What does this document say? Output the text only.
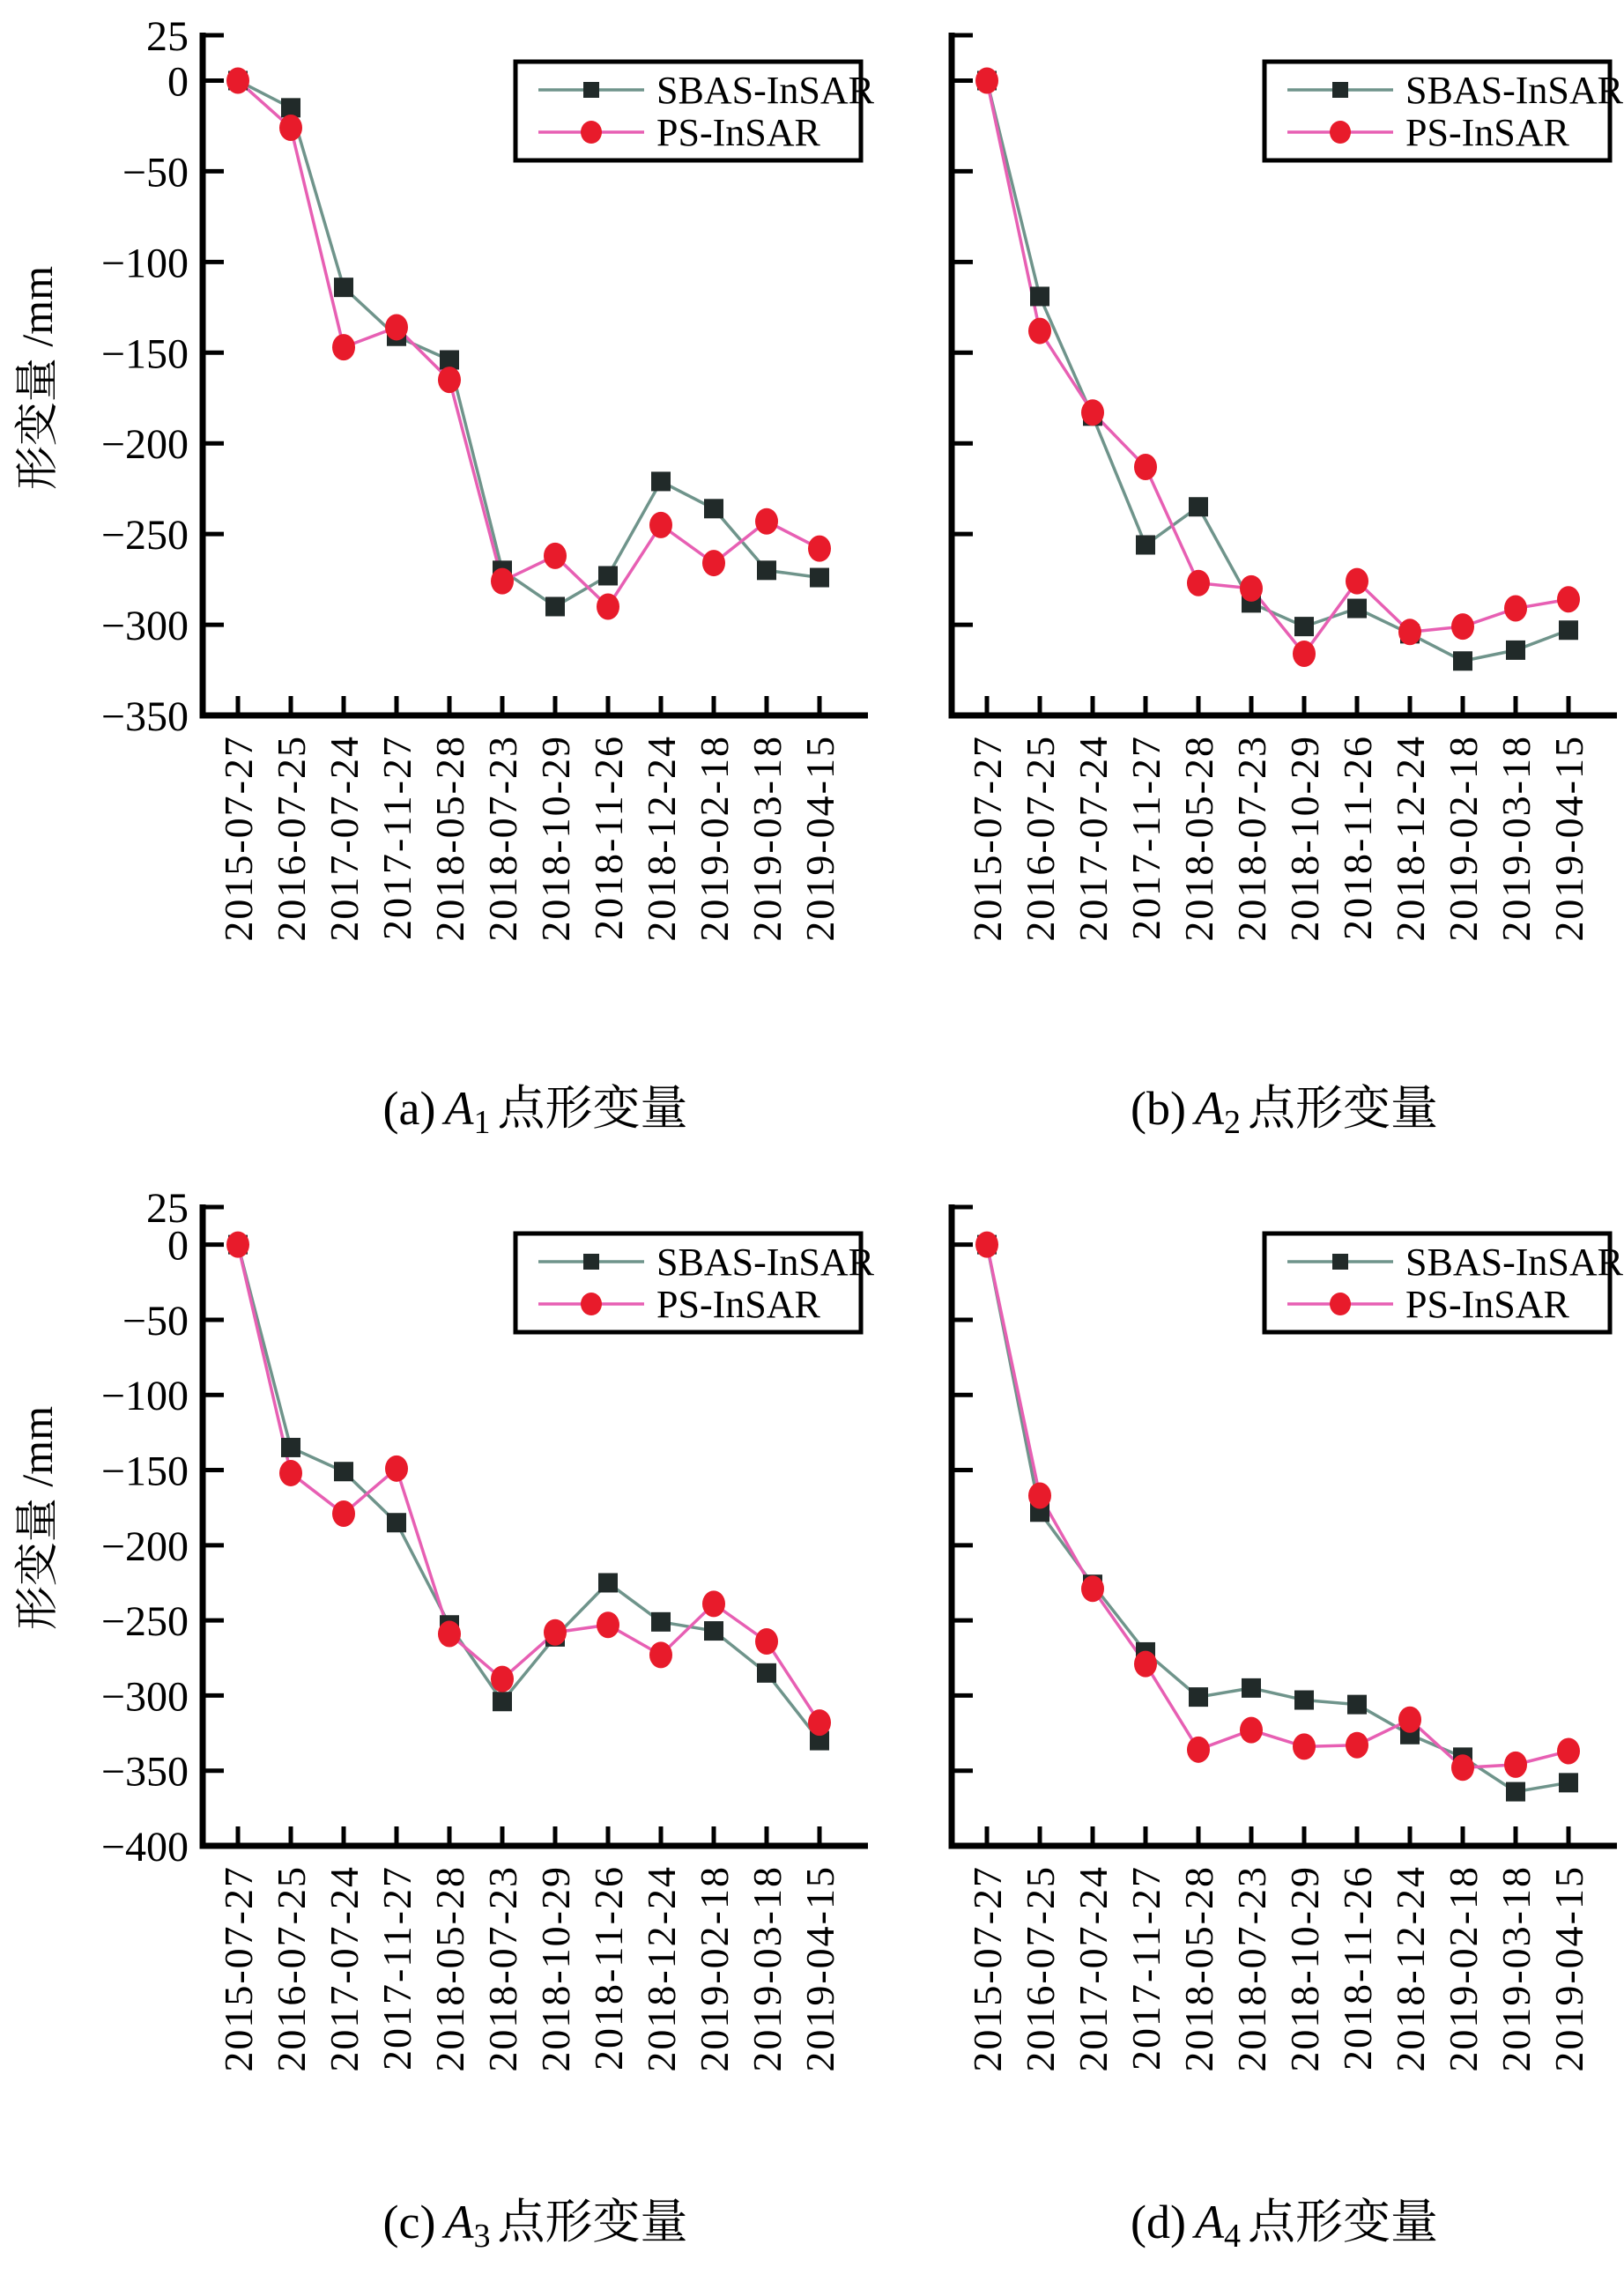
25
0
−50
−100
−150
−200
−250
−300
−350
2015-07-27 2016-07-25 2017-07-24 2017-11-27 2018-05-28 2018-07-23 2018-10-29 2018-11-26 2018-12-24 2019-02-18 2019-03-18 2019-04-15
SBAS-InSAR
PS-InSAR
2015-07-27 2016-07-25 2017-07-24 2017-11-27 2018-05-28 2018-07-23 2018-10-29 2018-11-26 2018-12-24 2019-02-18 2019-03-18 2019-04-15
SBAS-InSAR
PS-InSAR
25
0
−50
−100
−150
−200
−250
−300
−350
−400
2015-07-27 2016-07-25 2017-07-24 2017-11-27 2018-05-28 2018-07-23 2018-10-29 2018-11-26 2018-12-24 2019-02-18 2019-03-18 2019-04-15
SBAS-InSAR
PS-InSAR
2015-07-27 2016-07-25 2017-07-24 2017-11-27 2018-05-28 2018-07-23 2018-10-29 2018-11-26 2018-12-24 2019-02-18 2019-03-18 2019-04-15
SBAS-InSAR
PS-InSAR
形变量 /mm
形变量 /mm
(a) $A_1$ 点形变量	(b) $A_2$ 点形变量
(c) $A_3$ 点形变量	(d) $A_4$ 点形变量
